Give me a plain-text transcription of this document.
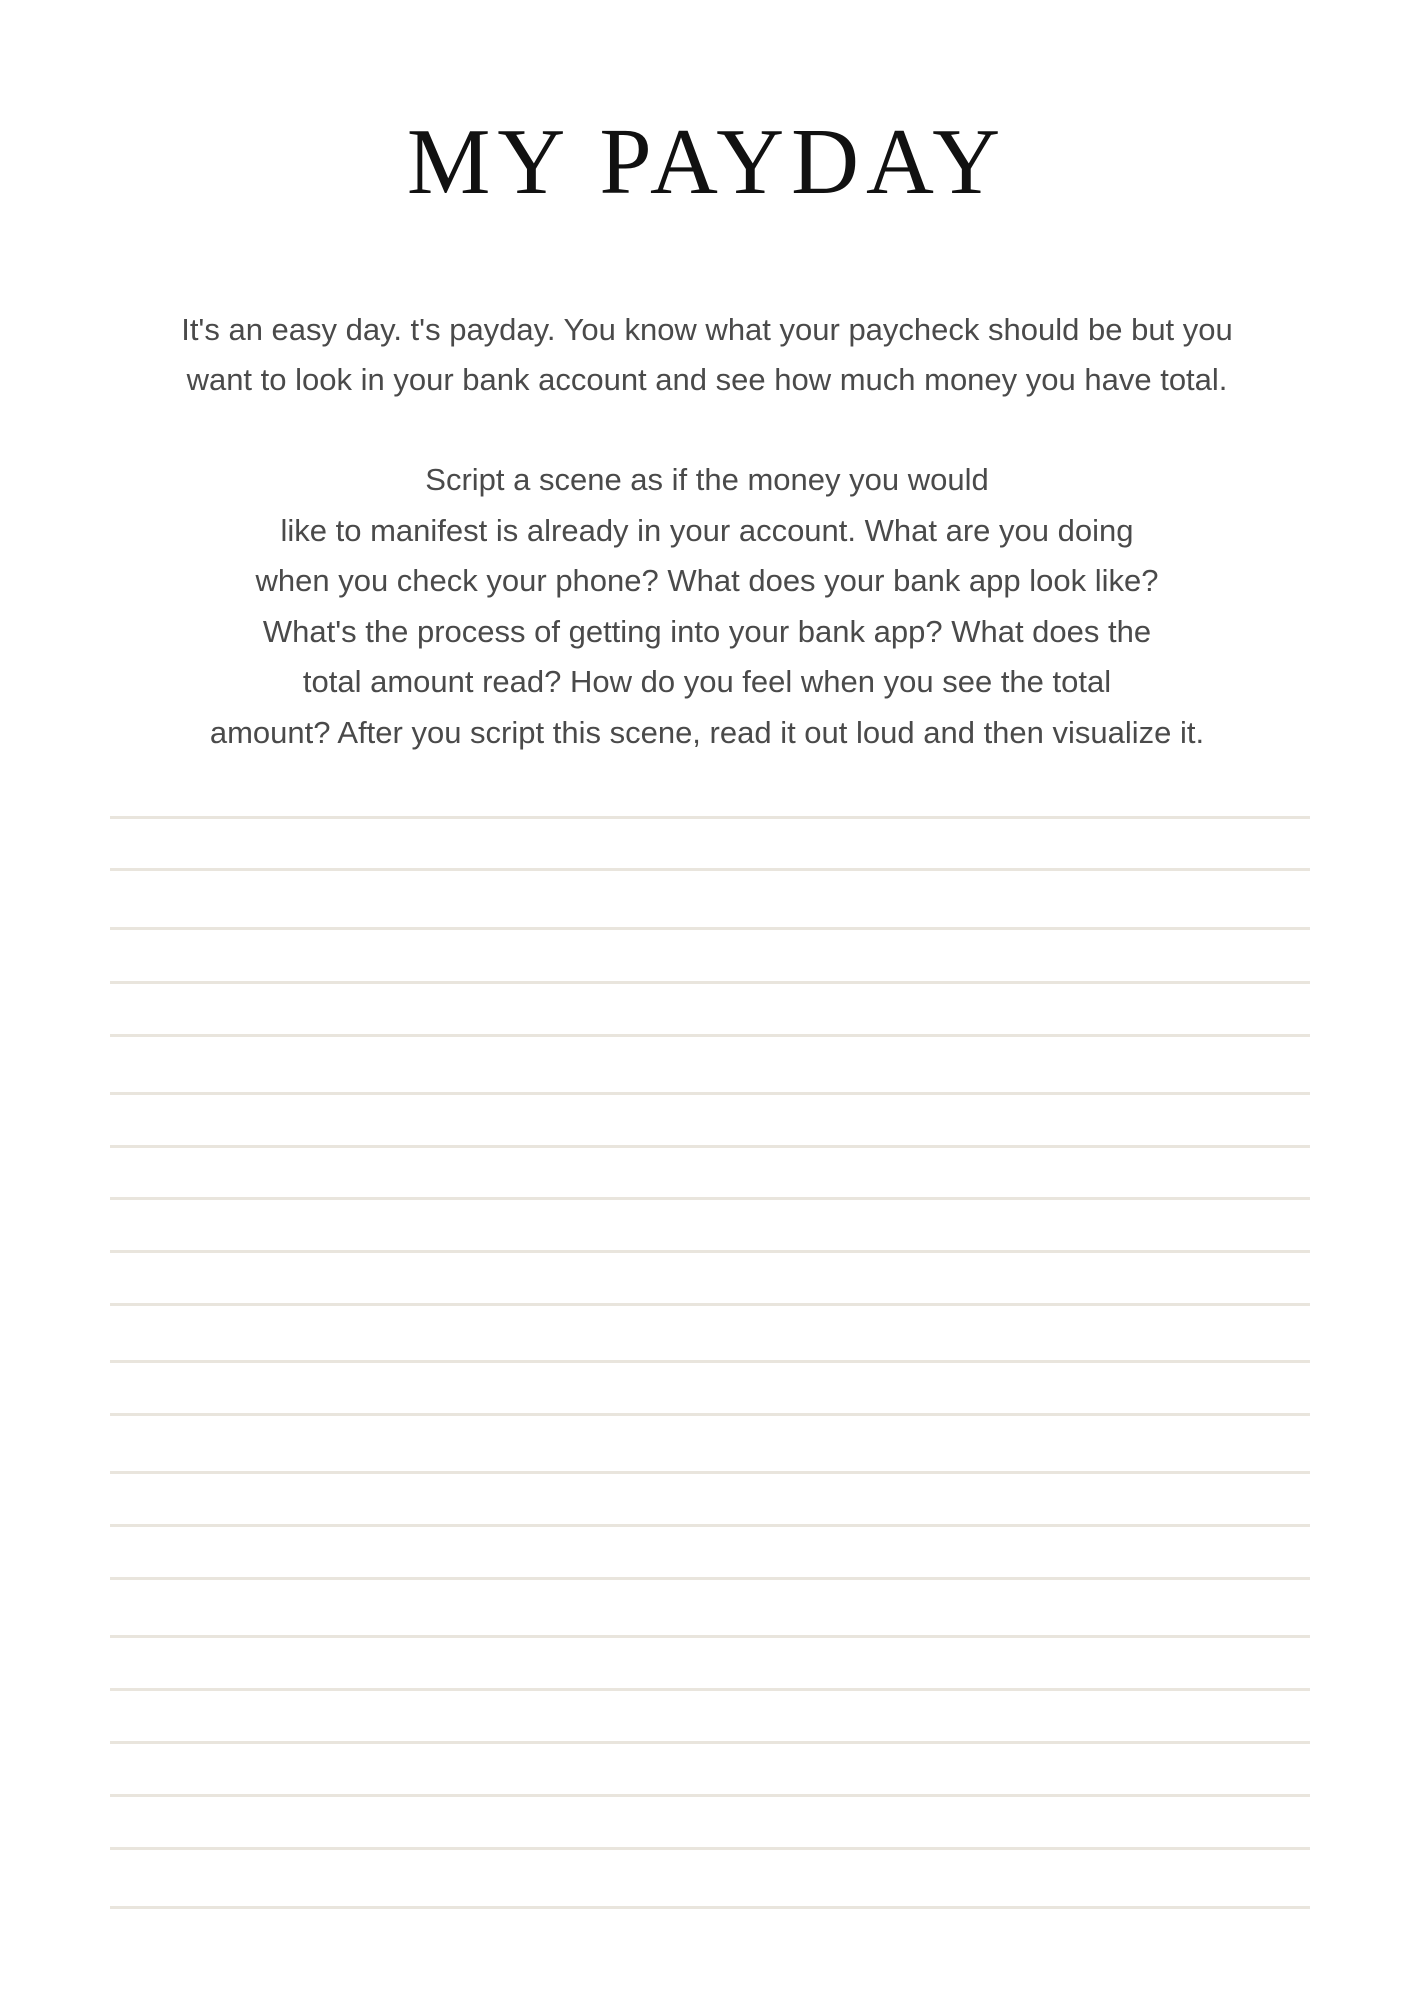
MY PAYDAY
It's an easy day. t's payday. You know what your paycheck should be but you
want to look in your bank account and see how much money you have total.
Script a scene as if the money you would
like to manifest is already in your account. What are you doing
when you check your phone? What does your bank app look like?
What's the process of getting into your bank app? What does the
total amount read? How do you feel when you see the total
amount? After you script this scene, read it out loud and then visualize it.
